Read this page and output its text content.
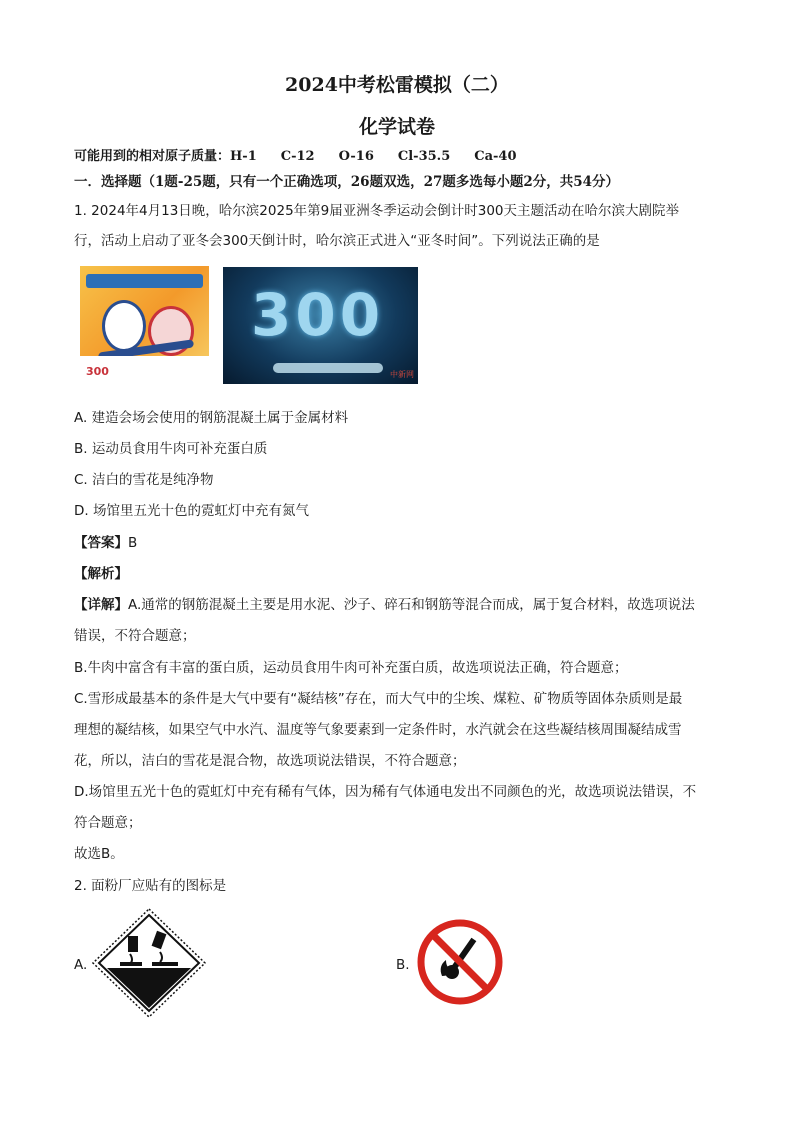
2024中考松雷模拟（二）
化学试卷
可能用到的相对原子质量：H-1 C-12 O-16 Cl-35.5 Ca-40
一．选择题（1题-25题，只有一个正确选项，26题双选，27题多选每小题2分，共54分）
1. 2024年4月13日晚，哈尔滨2025年第9届亚洲冬季运动会倒计时300天主题活动在哈尔滨大剧院举
行，活动上启动了亚冬会300天倒计时，哈尔滨正式进入“亚冬时间”。下列说法正确的是
300
300
中新网
A. 建造会场会使用的钢筋混凝土属于金属材料
B. 运动员食用牛肉可补充蛋白质
C. 洁白的雪花是纯净物
D. 场馆里五光十色的霓虹灯中充有氮气
【答案】B
【解析】
【详解】A.通常的钢筋混凝土主要是用水泥、沙子、碎石和钢筋等混合而成，属于复合材料，故选项说法
错误，不符合题意；
B.牛肉中富含有丰富的蛋白质，运动员食用牛肉可补充蛋白质，故选项说法正确，符合题意；
C.雪形成最基本的条件是大气中要有“凝结核”存在，而大气中的尘埃、煤粒、矿物质等固体杂质则是最
理想的凝结核，如果空气中水汽、温度等气象要素到一定条件时，水汽就会在这些凝结核周围凝结成雪
花，所以，洁白的雪花是混合物，故选项说法错误，不符合题意；
D.场馆里五光十色的霓虹灯中充有稀有气体，因为稀有气体通电发出不同颜色的光，故选项说法错误，不
符合题意；
故选B。
2. 面粉厂应贴有的图标是
A.	B.
